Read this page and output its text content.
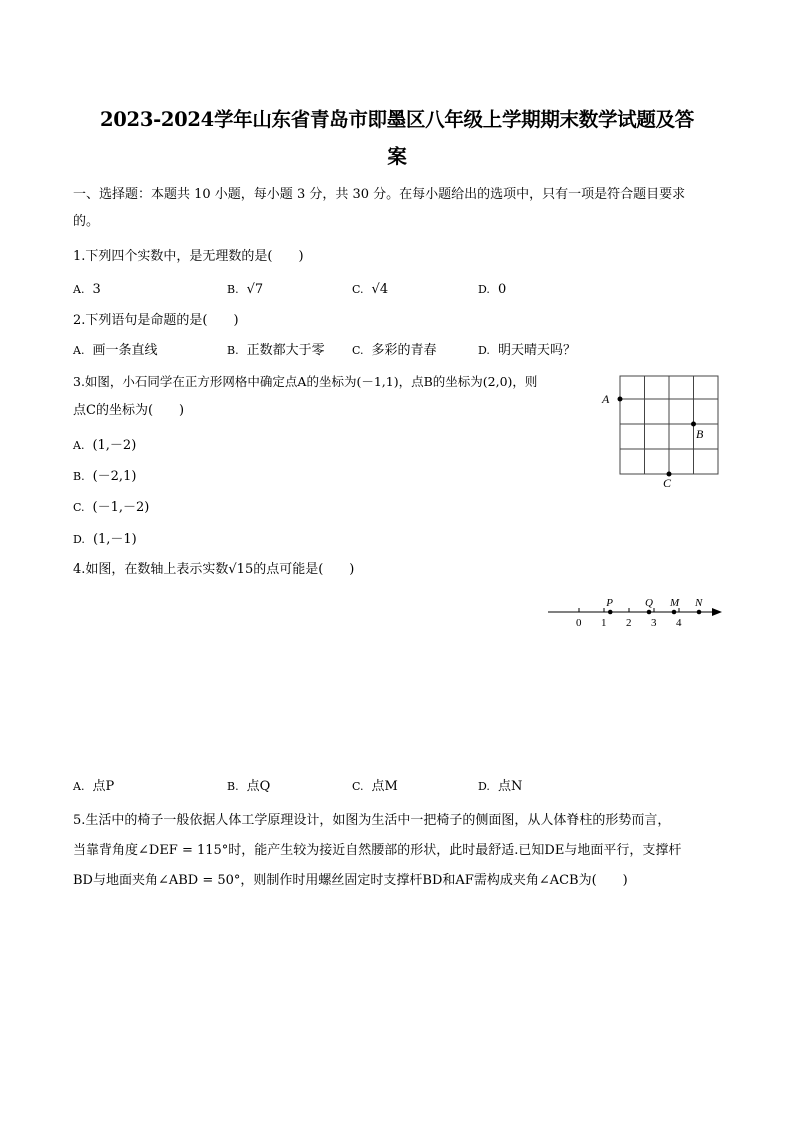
2023-2024学年山东省青岛市即墨区八年级上学期期末数学试题及答
案
一、选择题：本题共 10 小题，每小题 3 分，共 30 分。在每小题给出的选项中，只有一项是符合题目要求
的。
1.下列四个实数中，是无理数的是(　　)
A. 3	B. √7	C. √4	D. 0
2.下列语句是命题的是(　　)
A. 画一条直线	B. 正数都大于零 C. 多彩的青春	D. 明天晴天吗？
3.如图，小石同学在正方形网格中确定点A的坐标为(－1,1)，点B的坐标为(2,0)，则
点C的坐标为(　　)
A. (1,－2)
B. (－2,1)
C. (－1,－2)
D. (1,－1)
A
B
C
4.如图，在数轴上表示实数√15的点可能是(　　)
0 1 2 3 4
P	Q M N
A. 点P	B. 点Q	C. 点M	D. 点N
5.生活中的椅子一般依据人体工学原理设计，如图为生活中一把椅子的侧面图，从人体脊柱的形势而言，
当靠背角度∠DEF = 115°时，能产生较为接近自然腰部的形状，此时最舒适.已知DE与地面平行，支撑杆
BD与地面夹角∠ABD = 50°，则制作时用螺丝固定时支撑杆BD和AF需构成夹角∠ACB为(　　)
